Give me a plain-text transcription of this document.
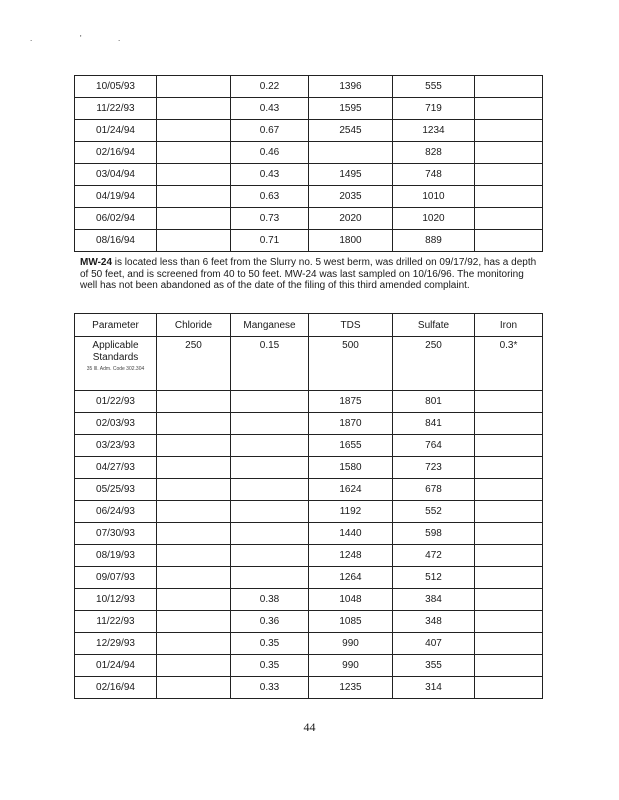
.	'	.
10/05/93		0.22	1396	555	
11/22/93		0.43	1595	719	
01/24/94		0.67	2545	1234	
02/16/94		0.46		828	
03/04/94		0.43	1495	748	
04/19/94		0.63	2035	1010	
06/02/94		0.73	2020	1020	
08/16/94		0.71	1800	889	
MW-24 is located less than 6 feet from the Slurry no. 5 west berm, was drilled on 09/17/92, has a depth of 50 feet, and is screened from 40 to 50 feet. MW-24 was last sampled on 10/16/96. The monitoring well has not been abandoned as of the date of the filing of this third amended complaint.
Parameter	Chloride	Manganese	TDS	Sulfate	Iron
Applicable Standards
35 Ill. Adm. Code 302.304	250	0.15	500	250	0.3*
01/22/93			1875	801	
02/03/93			1870	841	
03/23/93			1655	764	
04/27/93			1580	723	
05/25/93			1624	678	
06/24/93			1192	552	
07/30/93			1440	598	
08/19/93			1248	472	
09/07/93			1264	512	
10/12/93		0.38	1048	384	
11/22/93		0.36	1085	348	
12/29/93		0.35	990	407	
01/24/94		0.35	990	355	
02/16/94		0.33	1235	314	
44
